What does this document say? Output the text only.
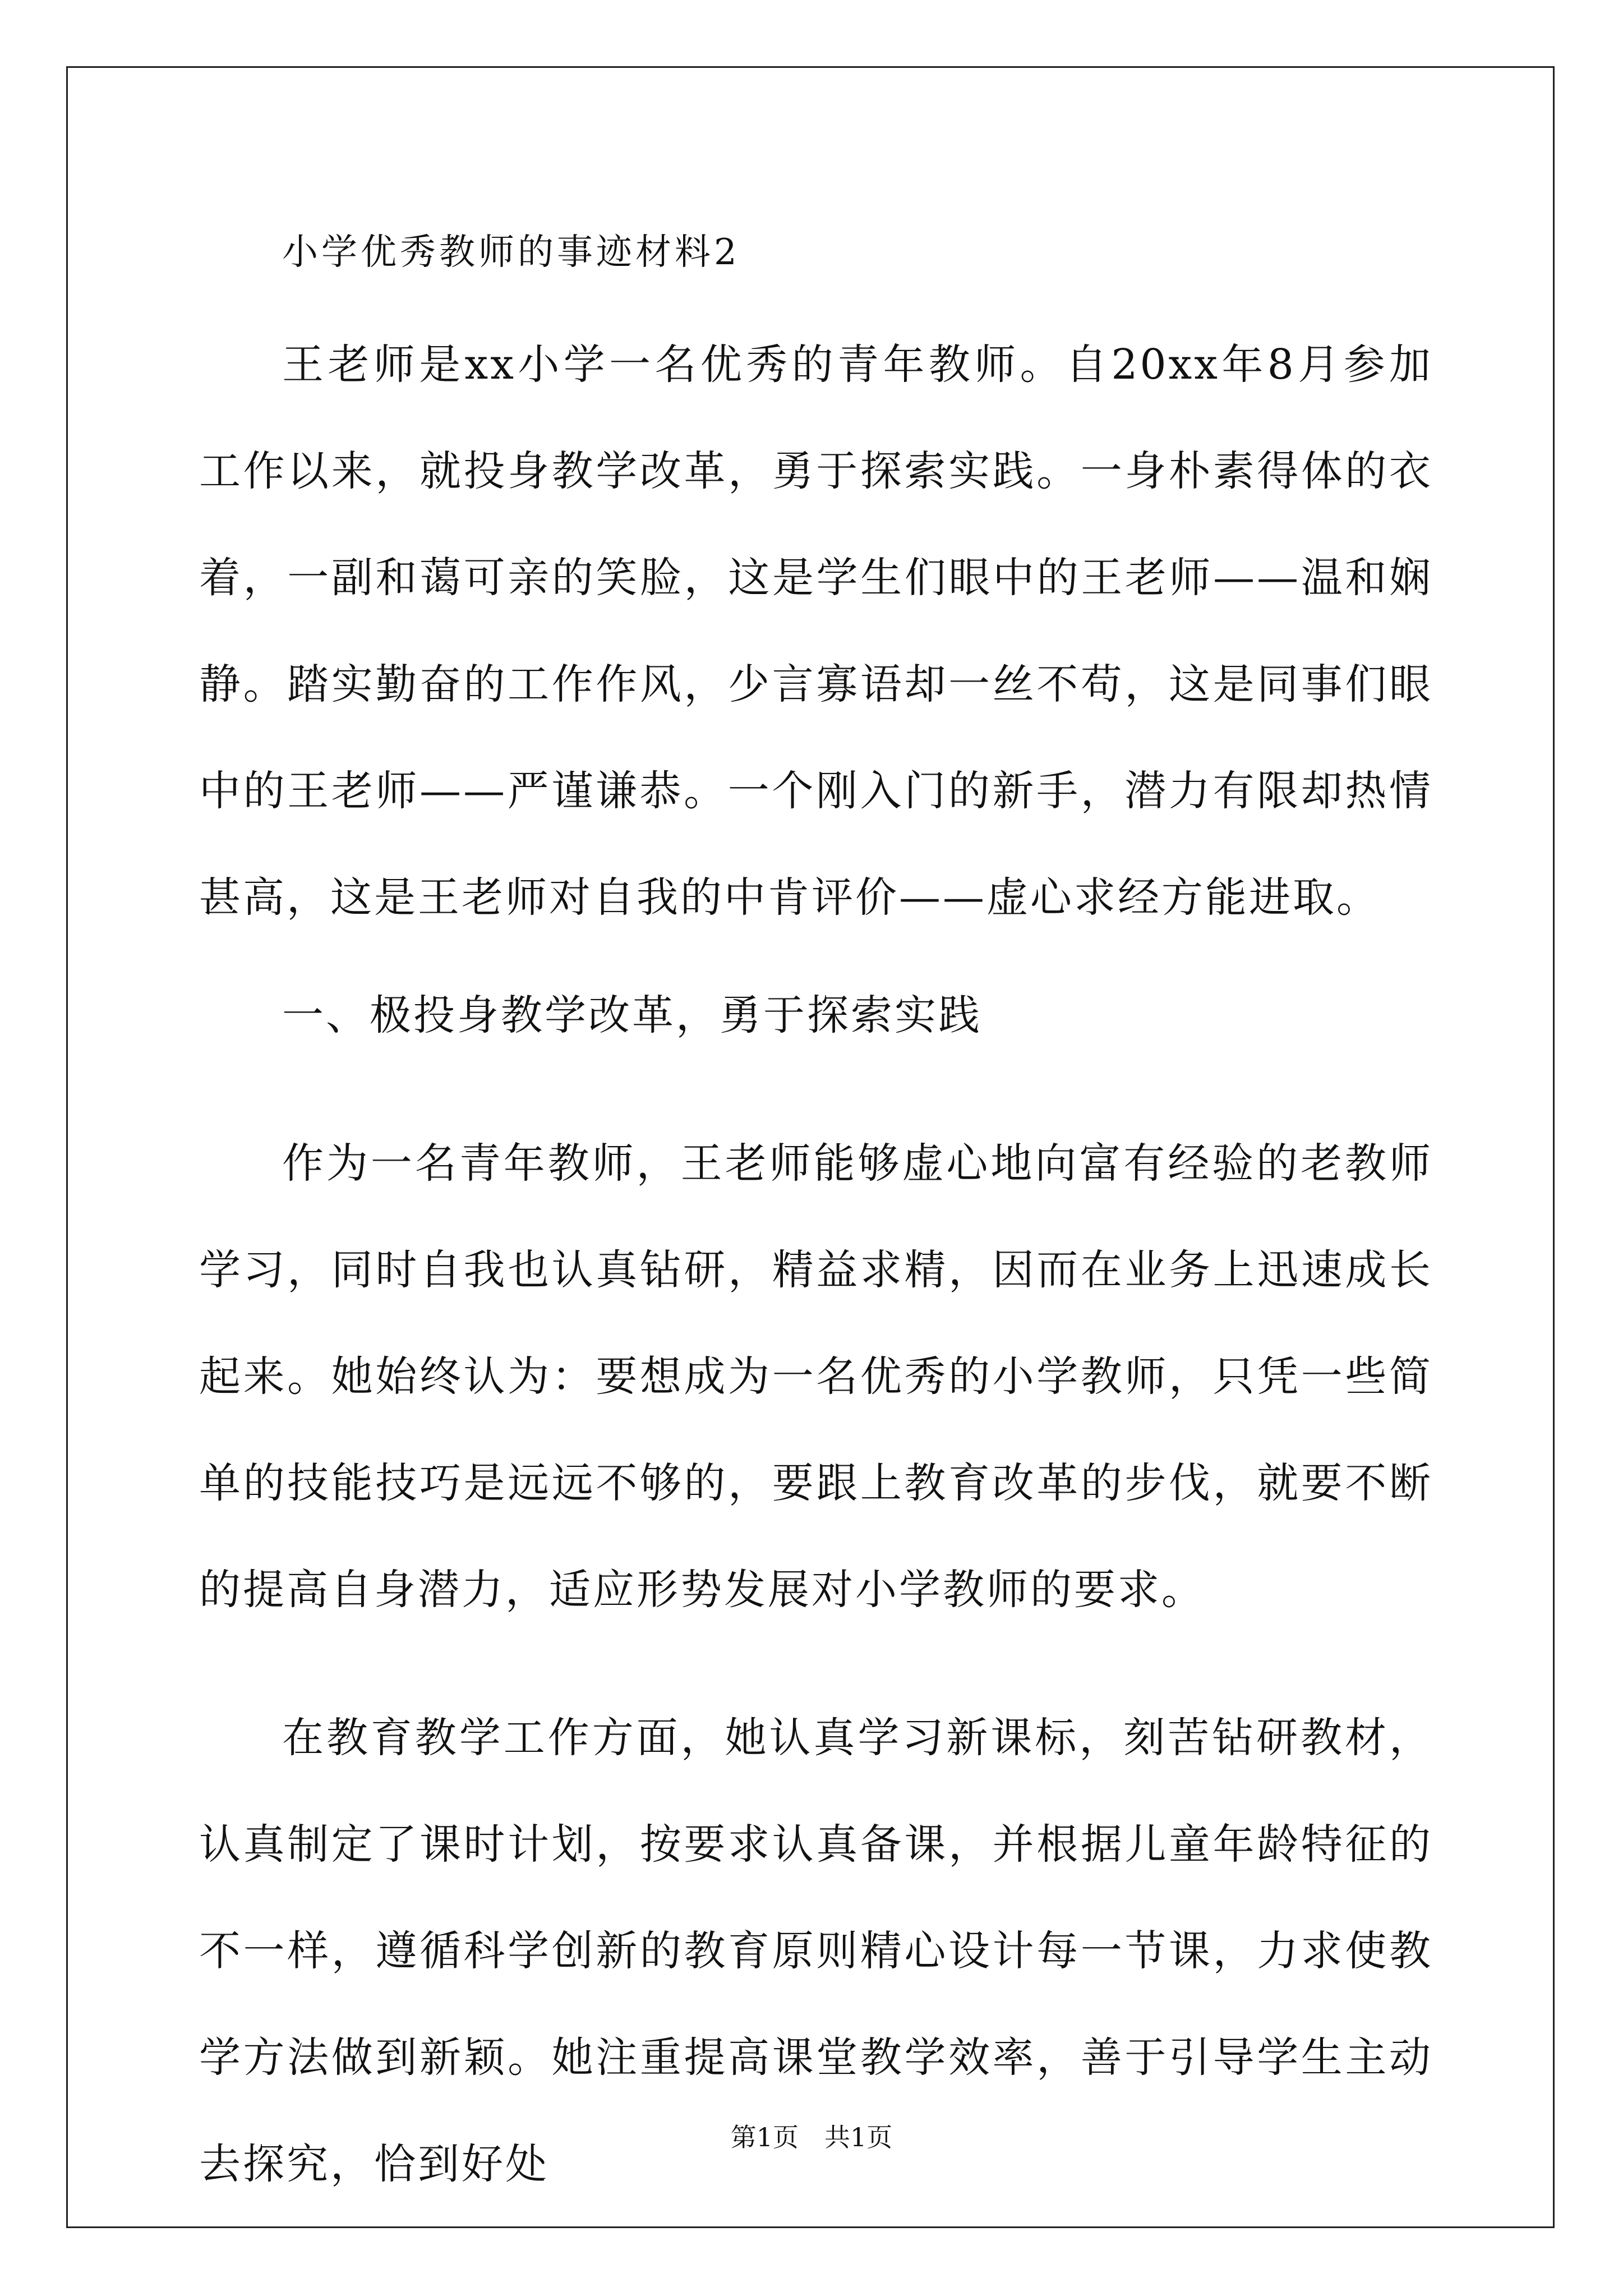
小学优秀教师的事迹材料2

王老师是xx小学一名优秀的青年教师。自20xx年8月参加工作以来，就投身教学改革，勇于探索实践。一身朴素得体的衣着，一副和蔼可亲的笑脸，这是学生们眼中的王老师——温和娴静。踏实勤奋的工作作风，少言寡语却一丝不苟，这是同事们眼中的王老师——严谨谦恭。一个刚入门的新手，潜力有限却热情甚高，这是王老师对自我的中肯评价——虚心求经方能进取。

一、极投身教学改革，勇于探索实践

作为一名青年教师，王老师能够虚心地向富有经验的老教师学习，同时自我也认真钻研，精益求精，因而在业务上迅速成长起来。她始终认为：要想成为一名优秀的小学教师，只凭一些简单的技能技巧是远远不够的，要跟上教育改革的步伐，就要不断的提高自身潜力，适应形势发展对小学教师的要求。

在教育教学工作方面，她认真学习新课标，刻苦钻研教材，认真制定了课时计划，按要求认真备课，并根据儿童年龄特征的不一样，遵循科学创新的教育原则精心设计每一节课，力求使教学方法做到新颖。她注重提高课堂教学效率，善于引导学生主动去探究，恰到好处

第1页　共1页
